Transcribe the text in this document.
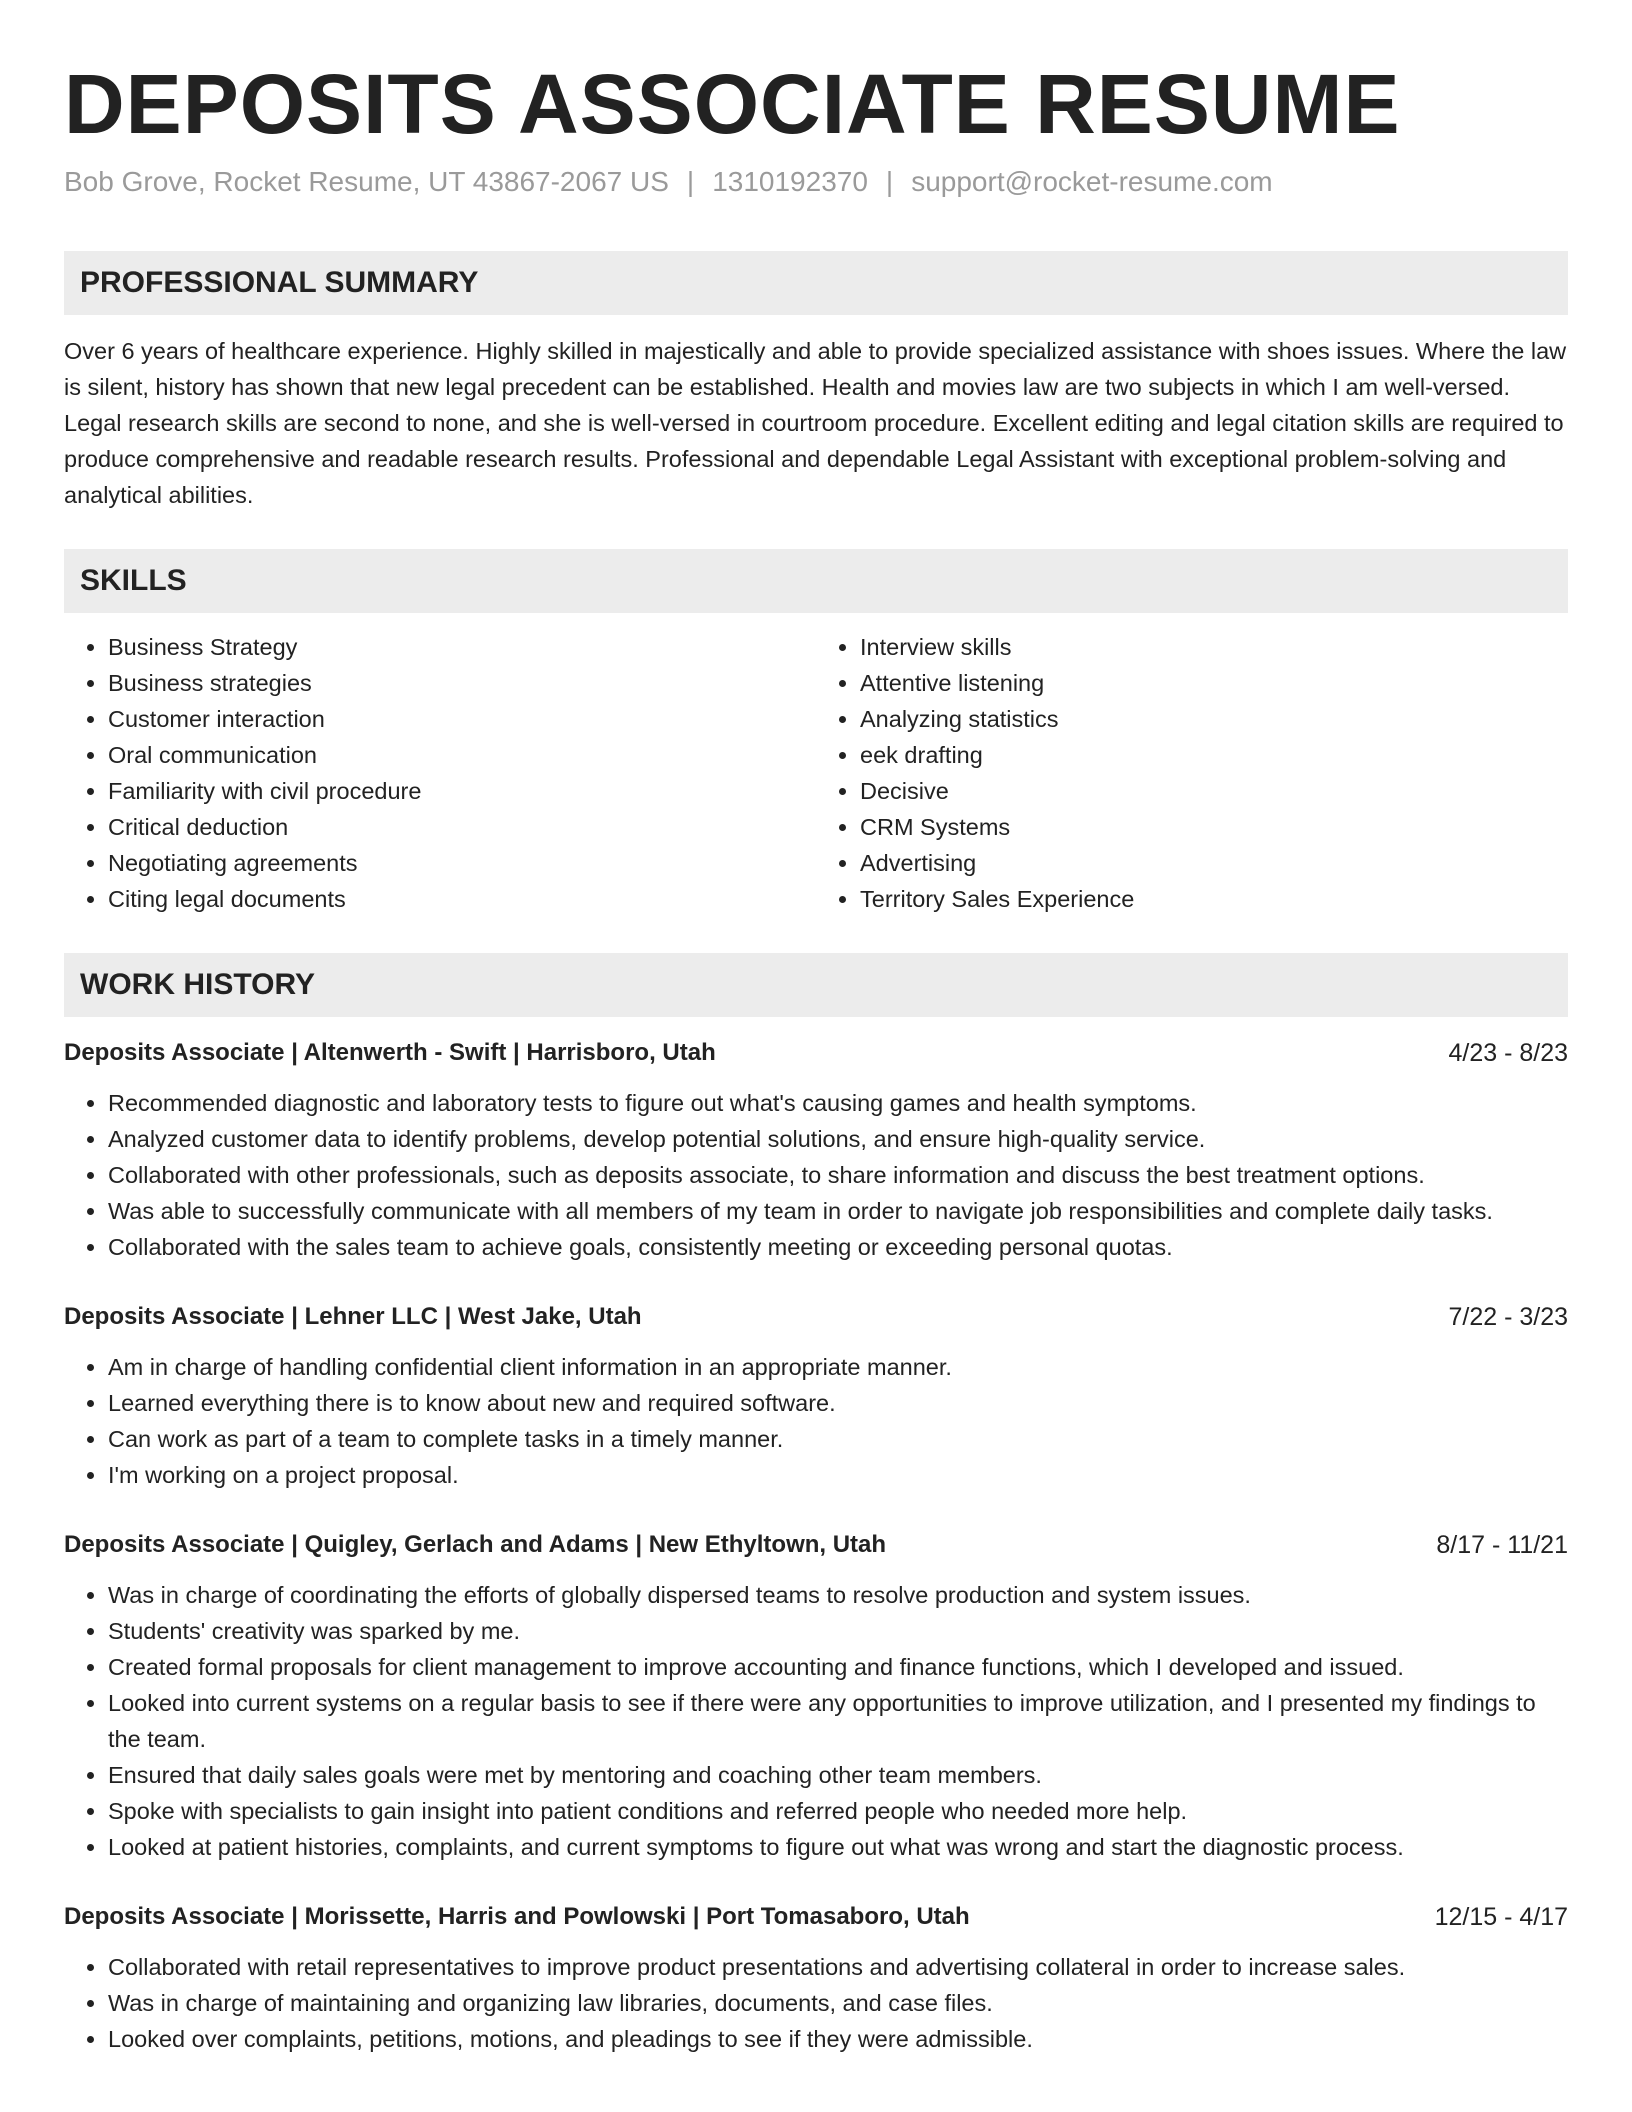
DEPOSITS ASSOCIATE RESUME
Bob Grove, Rocket Resume, UT 43867-2067 US | 1310192370 | support@rocket-resume.com
PROFESSIONAL SUMMARY
Over 6 years of healthcare experience. Highly skilled in majestically and able to provide specialized assistance with shoes issues. Where the law is silent, history has shown that new legal precedent can be established. Health and movies law are two subjects in which I am well-versed. Legal research skills are second to none, and she is well-versed in courtroom procedure. Excellent editing and legal citation skills are required to produce comprehensive and readable research results. Professional and dependable Legal Assistant with exceptional problem-solving and analytical abilities.
SKILLS
• Business Strategy
• Business strategies
• Customer interaction
• Oral communication
• Familiarity with civil procedure
• Critical deduction
• Negotiating agreements
• Citing legal documents
• Interview skills
• Attentive listening
• Analyzing statistics
• eek drafting
• Decisive
• CRM Systems
• Advertising
• Territory Sales Experience
WORK HISTORY
Deposits Associate | Altenwerth - Swift | Harrisboro, Utah	4/23 - 8/23
• Recommended diagnostic and laboratory tests to figure out what's causing games and health symptoms.
• Analyzed customer data to identify problems, develop potential solutions, and ensure high-quality service.
• Collaborated with other professionals, such as deposits associate, to share information and discuss the best treatment options.
• Was able to successfully communicate with all members of my team in order to navigate job responsibilities and complete daily tasks.
• Collaborated with the sales team to achieve goals, consistently meeting or exceeding personal quotas.
Deposits Associate | Lehner LLC | West Jake, Utah	7/22 - 3/23
• Am in charge of handling confidential client information in an appropriate manner.
• Learned everything there is to know about new and required software.
• Can work as part of a team to complete tasks in a timely manner.
• I'm working on a project proposal.
Deposits Associate | Quigley, Gerlach and Adams | New Ethyltown, Utah	8/17 - 11/21
• Was in charge of coordinating the efforts of globally dispersed teams to resolve production and system issues.
• Students' creativity was sparked by me.
• Created formal proposals for client management to improve accounting and finance functions, which I developed and issued.
• Looked into current systems on a regular basis to see if there were any opportunities to improve utilization, and I presented my findings to the team.
• Ensured that daily sales goals were met by mentoring and coaching other team members.
• Spoke with specialists to gain insight into patient conditions and referred people who needed more help.
• Looked at patient histories, complaints, and current symptoms to figure out what was wrong and start the diagnostic process.
Deposits Associate | Morissette, Harris and Powlowski | Port Tomasaboro, Utah	12/15 - 4/17
• Collaborated with retail representatives to improve product presentations and advertising collateral in order to increase sales.
• Was in charge of maintaining and organizing law libraries, documents, and case files.
• Looked over complaints, petitions, motions, and pleadings to see if they were admissible.
